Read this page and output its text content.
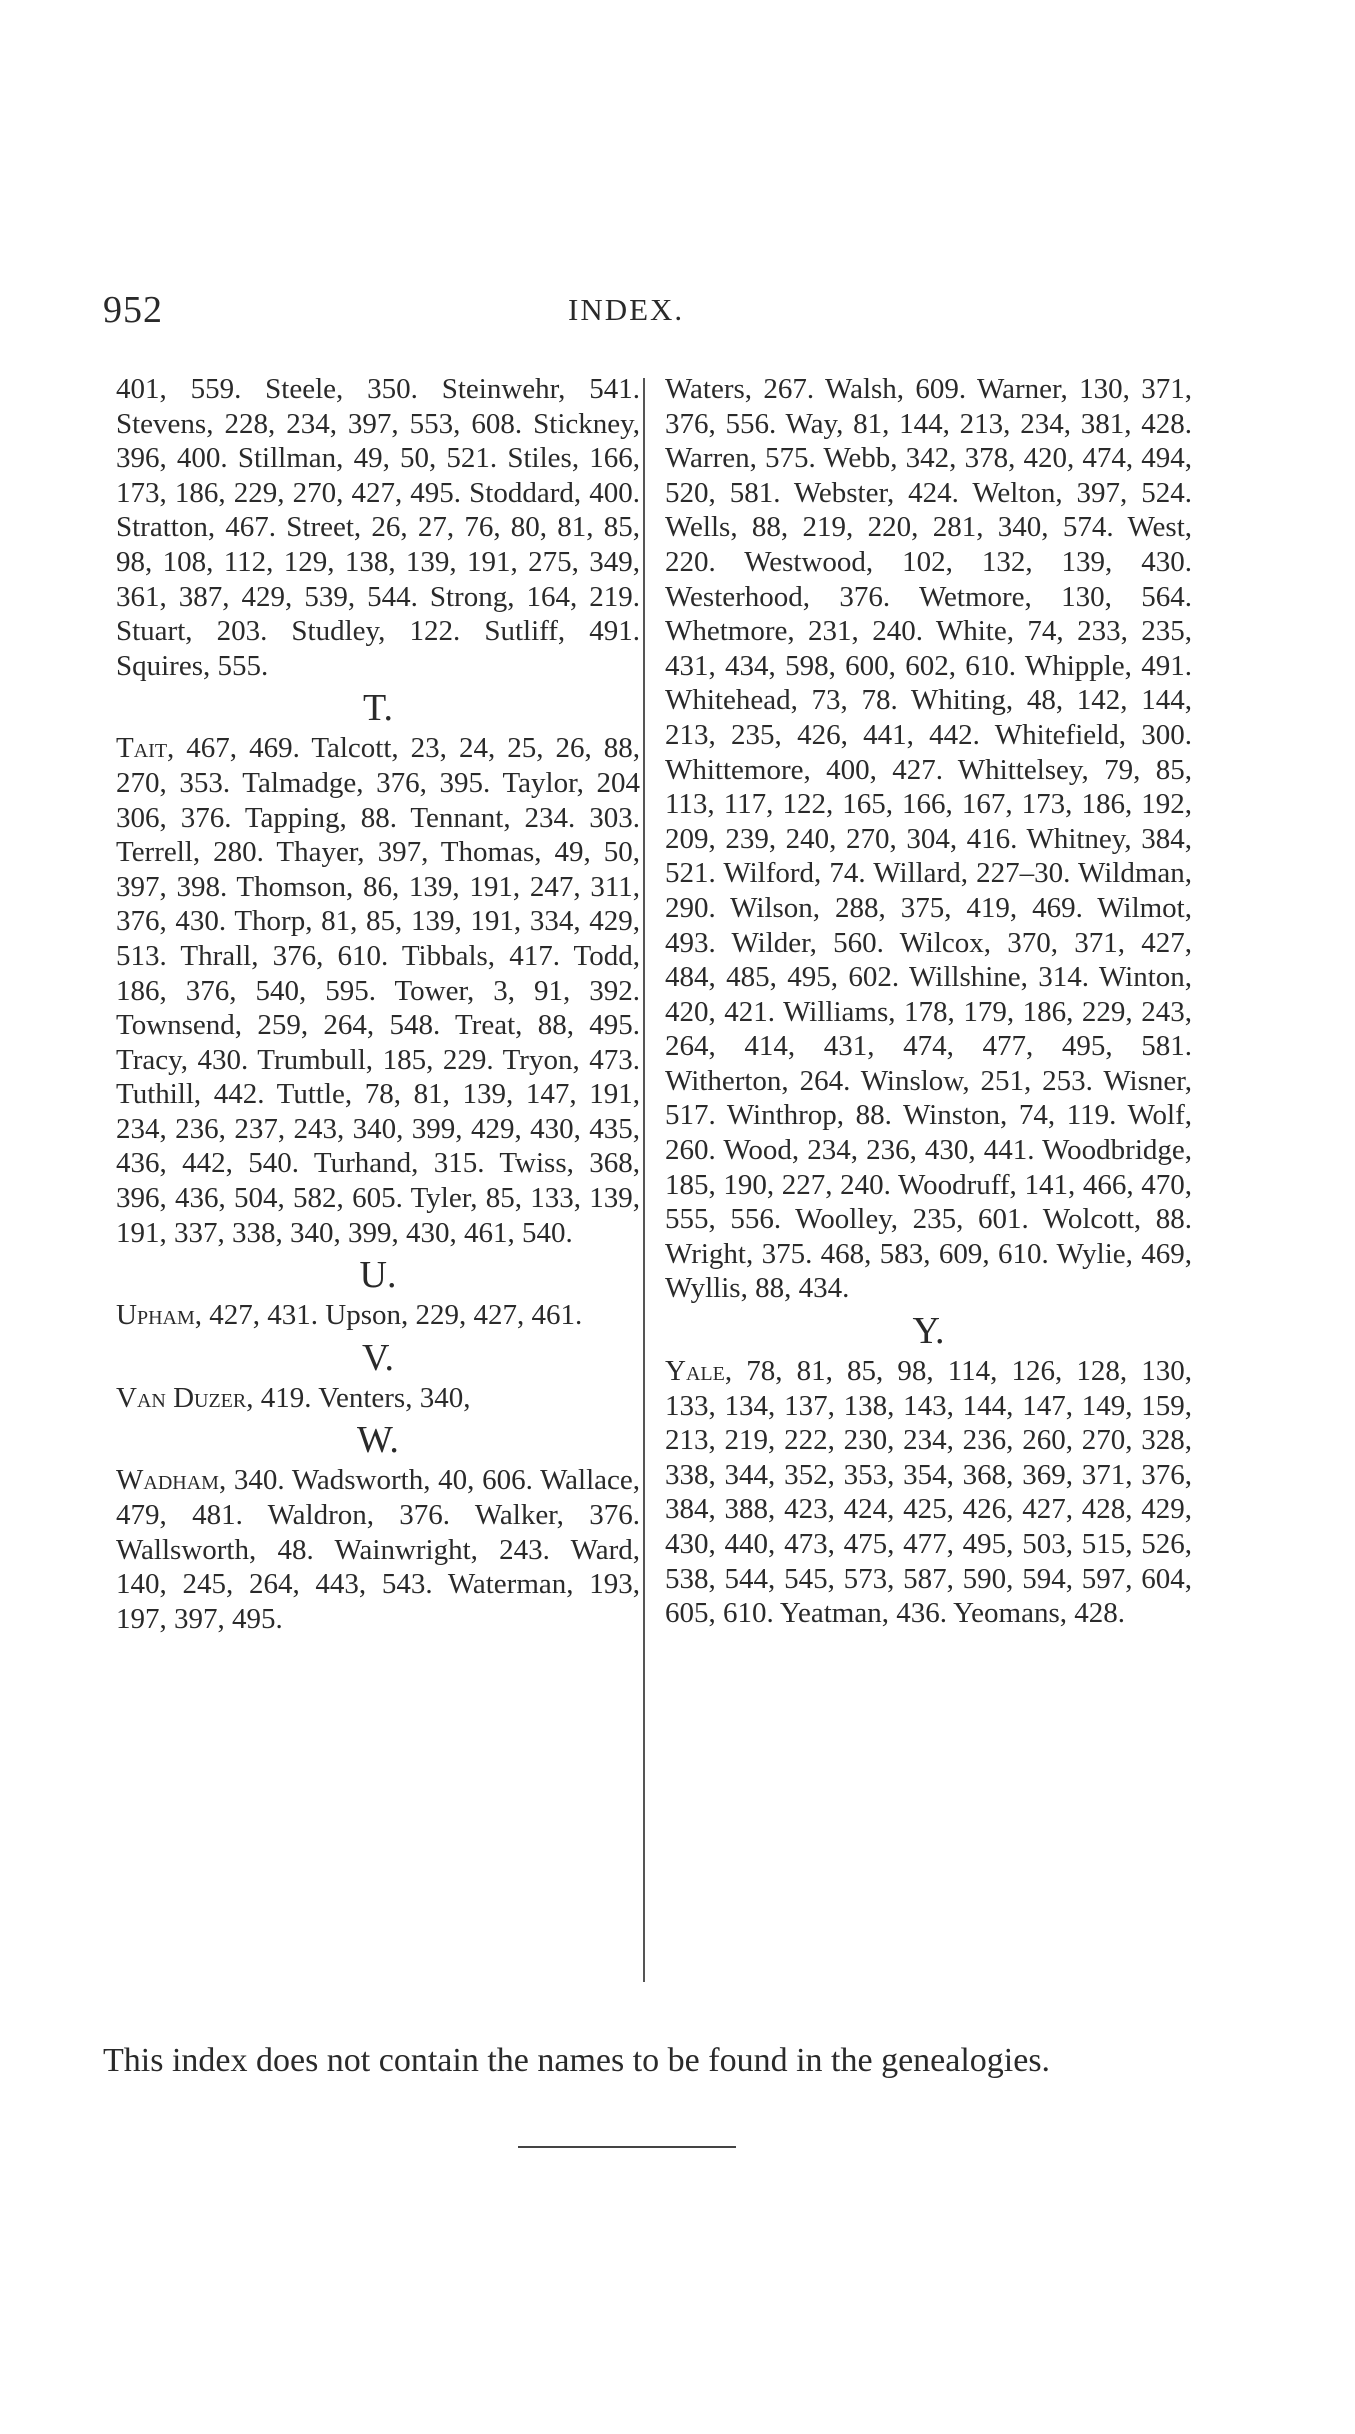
952	INDEX.

401, 559. Steele, 350. Steinwehr, 541. Stevens, 228, 234, 397, 553, 608. Stickney, 396, 400. Stillman, 49, 50, 521. Stiles, 166, 173, 186, 229, 270, 427, 495. Stoddard, 400. Stratton, 467. Street, 26, 27, 76, 80, 81, 85, 98, 108, 112, 129, 138, 139, 191, 275, 349, 361, 387, 429, 539, 544. Strong, 164, 219. Stuart, 203. Studley, 122. Sutliff, 491. Squires, 555.

T.

Tait, 467, 469. Talcott, 23, 24, 25, 26, 88, 270, 353. Talmadge, 376, 395. Taylor, 204 306, 376. Tapping, 88. Tennant, 234. 303. Terrell, 280. Thayer, 397, Thomas, 49, 50, 397, 398. Thomson, 86, 139, 191, 247, 311, 376, 430. Thorp, 81, 85, 139, 191, 334, 429, 513. Thrall, 376, 610. Tibbals, 417. Todd, 186, 376, 540, 595. Tower, 3, 91, 392. Townsend, 259, 264, 548. Treat, 88, 495. Tracy, 430. Trumbull, 185, 229. Tryon, 473. Tuthill, 442. Tuttle, 78, 81, 139, 147, 191, 234, 236, 237, 243, 340, 399, 429, 430, 435, 436, 442, 540. Turhand, 315. Twiss, 368, 396, 436, 504, 582, 605. Tyler, 85, 133, 139, 191, 337, 338, 340, 399, 430, 461, 540.

U.

Upham, 427, 431. Upson, 229, 427, 461.

V.

Van Duzer, 419. Venters, 340,

W.

Wadham, 340. Wadsworth, 40, 606. Wallace, 479, 481. Waldron, 376. Walker, 376. Wallsworth, 48. Wainwright, 243. Ward, 140, 245, 264, 443, 543. Waterman, 193, 197, 397, 495.

Waters, 267. Walsh, 609. Warner, 130, 371, 376, 556. Way, 81, 144, 213, 234, 381, 428. Warren, 575. Webb, 342, 378, 420, 474, 494, 520, 581. Webster, 424. Welton, 397, 524. Wells, 88, 219, 220, 281, 340, 574. West, 220. Westwood, 102, 132, 139, 430. Westerhood, 376. Wetmore, 130, 564. Whetmore, 231, 240. White, 74, 233, 235, 431, 434, 598, 600, 602, 610. Whipple, 491. Whitehead, 73, 78. Whiting, 48, 142, 144, 213, 235, 426, 441, 442. Whitefield, 300. Whittemore, 400, 427. Whittelsey, 79, 85, 113, 117, 122, 165, 166, 167, 173, 186, 192, 209, 239, 240, 270, 304, 416. Whitney, 384, 521. Wilford, 74. Willard, 227–30. Wildman, 290. Wilson, 288, 375, 419, 469. Wilmot, 493. Wilder, 560. Wilcox, 370, 371, 427, 484, 485, 495, 602. Willshine, 314. Winton, 420, 421. Williams, 178, 179, 186, 229, 243, 264, 414, 431, 474, 477, 495, 581. Witherton, 264. Winslow, 251, 253. Wisner, 517. Winthrop, 88. Winston, 74, 119. Wolf, 260. Wood, 234, 236, 430, 441. Woodbridge, 185, 190, 227, 240. Woodruff, 141, 466, 470, 555, 556. Woolley, 235, 601. Wolcott, 88. Wright, 375. 468, 583, 609, 610. Wylie, 469, Wyllis, 88, 434.

Y.

Yale, 78, 81, 85, 98, 114, 126, 128, 130, 133, 134, 137, 138, 143, 144, 147, 149, 159, 213, 219, 222, 230, 234, 236, 260, 270, 328, 338, 344, 352, 353, 354, 368, 369, 371, 376, 384, 388, 423, 424, 425, 426, 427, 428, 429, 430, 440, 473, 475, 477, 495, 503, 515, 526, 538, 544, 545, 573, 587, 590, 594, 597, 604, 605, 610. Yeatman, 436. Yeomans, 428.

This index does not contain the names to be found in the genealogies.
